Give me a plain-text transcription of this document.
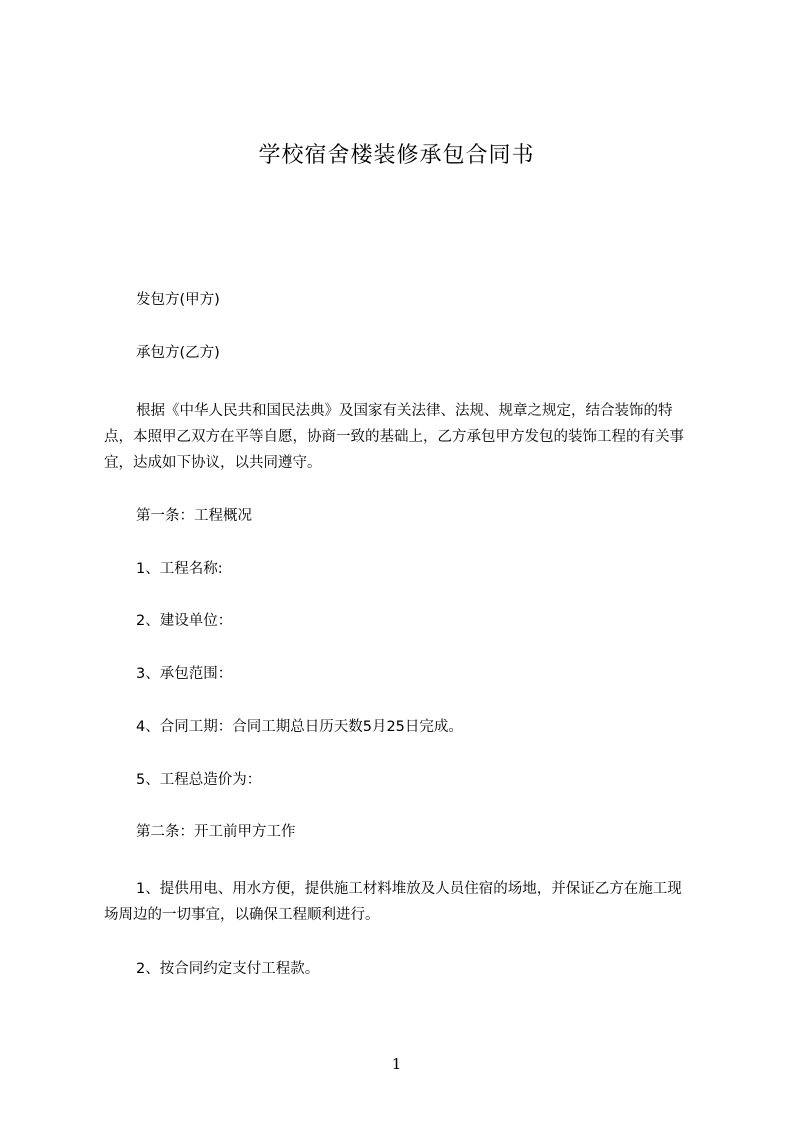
学校宿舍楼装修承包合同书
发包方(甲方)
承包方(乙方)
根据《中华人民共和国民法典》及国家有关法律、法规、规章之规定，结合装饰的特点，本照甲乙双方在平等自愿，协商一致的基础上，乙方承包甲方发包的装饰工程的有关事宜，达成如下协议，以共同遵守。
第一条：工程概况
1、工程名称:
2、建设单位：
3、承包范围：
4、合同工期：合同工期总日历天数5月25日完成。
5、工程总造价为：
第二条：开工前甲方工作
1、提供用电、用水方便，提供施工材料堆放及人员住宿的场地，并保证乙方在施工现场周边的一切事宜，以确保工程顺利进行。
2、按合同约定支付工程款。
1
